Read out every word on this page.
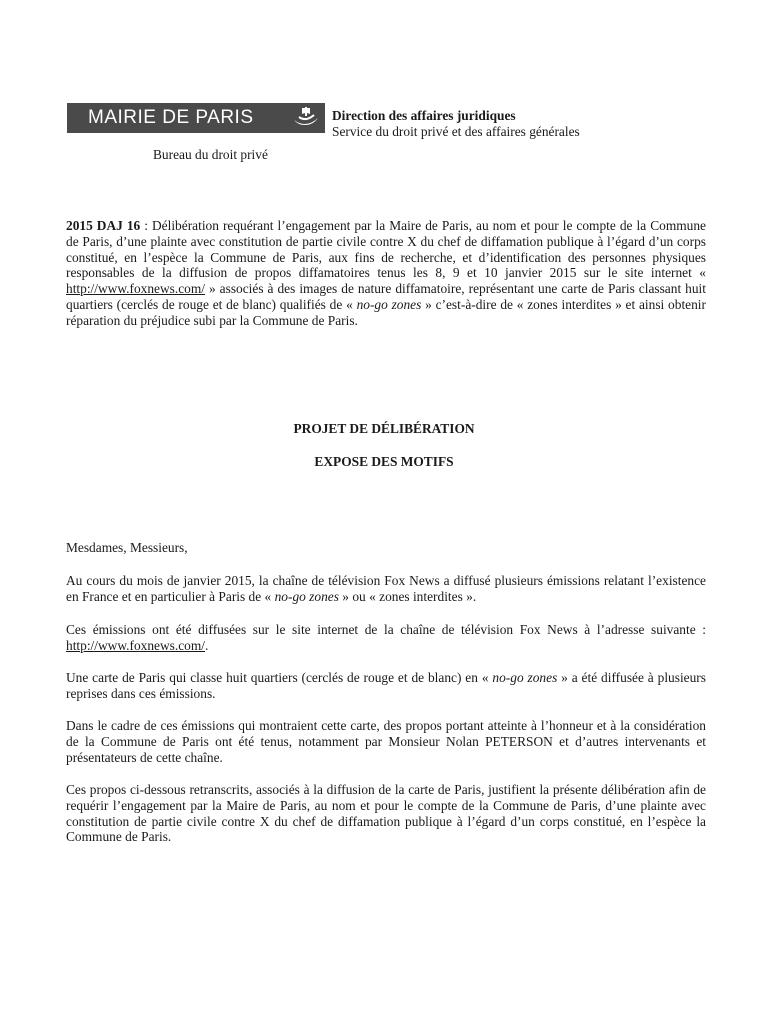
MAIRIE DE PARIS	Direction des affaires juridiques
Service du droit privé et des affaires générales
Bureau du droit privé
2015 DAJ 16 : Délibération requérant l’engagement par la Maire de Paris, au nom et pour le compte de la Commune de Paris, d’une plainte avec constitution de partie civile contre X du chef de diffamation publique à l’égard d’un corps constitué, en l’espèce la Commune de Paris, aux fins de recherche, et d’identification des personnes physiques responsables de la diffusion de propos diffamatoires tenus les 8, 9 et 10 janvier 2015 sur le site internet « http://www.foxnews.com/ » associés à des images de nature diffamatoire, représentant une carte de Paris classant huit quartiers (cerclés de rouge et de blanc) qualifiés de « no-go zones » c’est-à-dire de « zones interdites » et ainsi obtenir réparation du préjudice subi par la Commune de Paris.
PROJET DE DÉLIBÉRATION
EXPOSE DES MOTIFS
Mesdames, Messieurs,
Au cours du mois de janvier 2015, la chaîne de télévision Fox News a diffusé plusieurs émissions relatant l’existence en France et en particulier à Paris de « no-go zones » ou « zones interdites ».
Ces émissions ont été diffusées sur le site internet de la chaîne de télévision Fox News à l’adresse suivante : http://www.foxnews.com/.
Une carte de Paris qui classe huit quartiers (cerclés de rouge et de blanc) en « no-go zones » a été diffusée à plusieurs reprises dans ces émissions.
Dans le cadre de ces émissions qui montraient cette carte, des propos portant atteinte à l’honneur et à la considération de la Commune de Paris ont été tenus, notamment par Monsieur Nolan PETERSON et d’autres intervenants et présentateurs de cette chaîne.
Ces propos ci-dessous retranscrits, associés à la diffusion de la carte de Paris, justifient la présente délibération afin de requérir l’engagement par la Maire de Paris, au nom et pour le compte de la Commune de Paris, d’une plainte avec constitution de partie civile contre X du chef de diffamation publique à l’égard d’un corps constitué, en l’espèce la Commune de Paris.
